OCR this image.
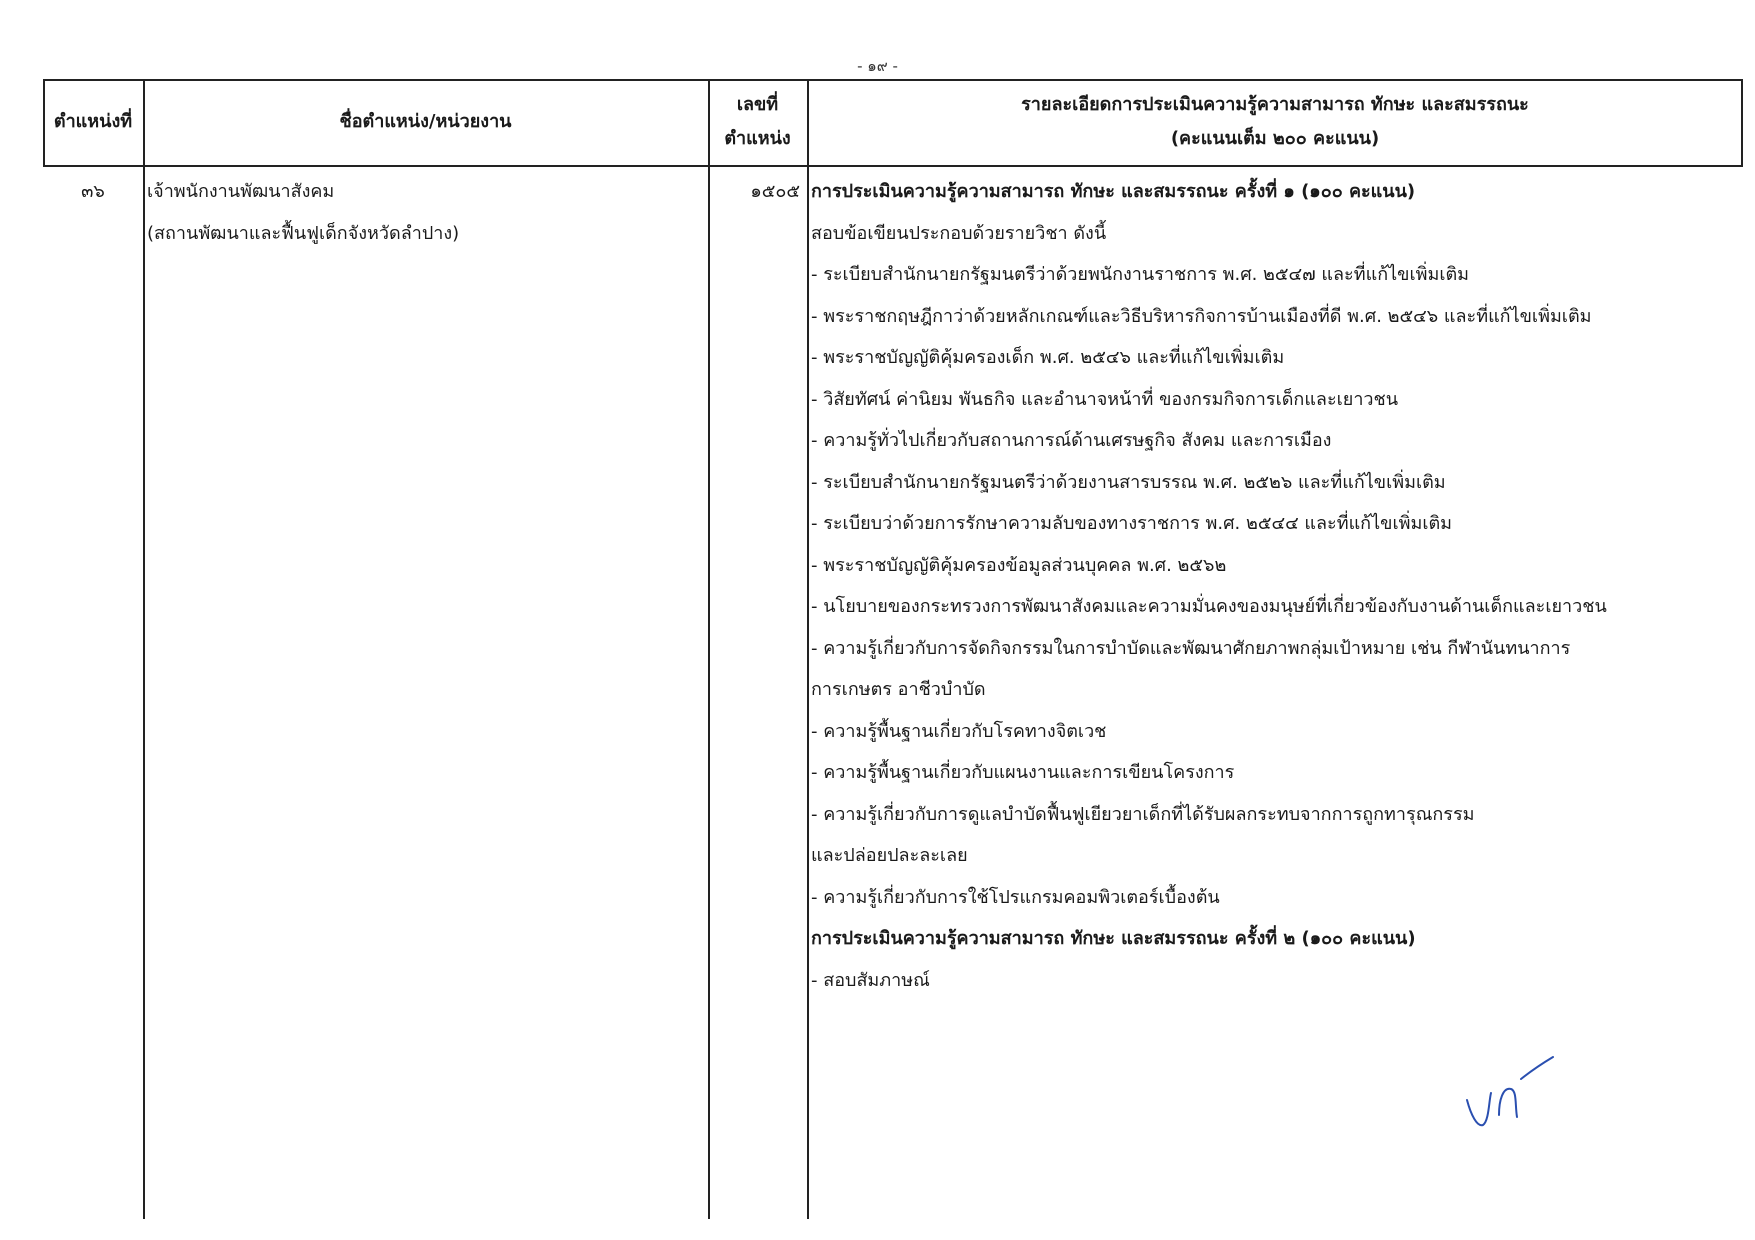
- ๑๙ -
ตำแหน่งที่	ชื่อตำแหน่ง/หน่วยงาน
เลขที่
ตำแหน่ง
รายละเอียดการประเมินความรู้ความสามารถ ทักษะ และสมรรถนะ
(คะแนนเต็ม ๒๐๐ คะแนน)
๓๖	เจ้าพนักงานพัฒนาสังคม
(สถานพัฒนาและฟื้นฟูเด็กจังหวัดลำปาง)
๑๕๐๕ การประเมินความรู้ความสามารถ ทักษะ และสมรรถนะ ครั้งที่ ๑ (๑๐๐ คะแนน)
สอบข้อเขียนประกอบด้วยรายวิชา ดังนี้
- ระเบียบสำนักนายกรัฐมนตรีว่าด้วยพนักงานราชการ พ.ศ. ๒๕๔๗ และที่แก้ไขเพิ่มเติม
- พระราชกฤษฎีกาว่าด้วยหลักเกณฑ์และวิธีบริหารกิจการบ้านเมืองที่ดี พ.ศ. ๒๕๔๖ และที่แก้ไขเพิ่มเติม
- พระราชบัญญัติคุ้มครองเด็ก พ.ศ. ๒๕๔๖ และที่แก้ไขเพิ่มเติม
- วิสัยทัศน์ ค่านิยม พันธกิจ และอำนาจหน้าที่ ของกรมกิจการเด็กและเยาวชน
- ความรู้ทั่วไปเกี่ยวกับสถานการณ์ด้านเศรษฐกิจ สังคม และการเมือง
- ระเบียบสำนักนายกรัฐมนตรีว่าด้วยงานสารบรรณ พ.ศ. ๒๕๒๖ และที่แก้ไขเพิ่มเติม
- ระเบียบว่าด้วยการรักษาความลับของทางราชการ พ.ศ. ๒๕๔๔ และที่แก้ไขเพิ่มเติม
- พระราชบัญญัติคุ้มครองข้อมูลส่วนบุคคล พ.ศ. ๒๕๖๒
- นโยบายของกระทรวงการพัฒนาสังคมและความมั่นคงของมนุษย์ที่เกี่ยวข้องกับงานด้านเด็กและเยาวชน
- ความรู้เกี่ยวกับการจัดกิจกรรมในการบำบัดและพัฒนาศักยภาพกลุ่มเป้าหมาย เช่น กีฬานันทนาการ
การเกษตร อาชีวบำบัด
- ความรู้พื้นฐานเกี่ยวกับโรคทางจิตเวช
- ความรู้พื้นฐานเกี่ยวกับแผนงานและการเขียนโครงการ
- ความรู้เกี่ยวกับการดูแลบำบัดฟื้นฟูเยียวยาเด็กที่ได้รับผลกระทบจากการถูกทารุณกรรม
และปล่อยปละละเลย
- ความรู้เกี่ยวกับการใช้โปรแกรมคอมพิวเตอร์เบื้องต้น
การประเมินความรู้ความสามารถ ทักษะ และสมรรถนะ ครั้งที่ ๒ (๑๐๐ คะแนน)
- สอบสัมภาษณ์
